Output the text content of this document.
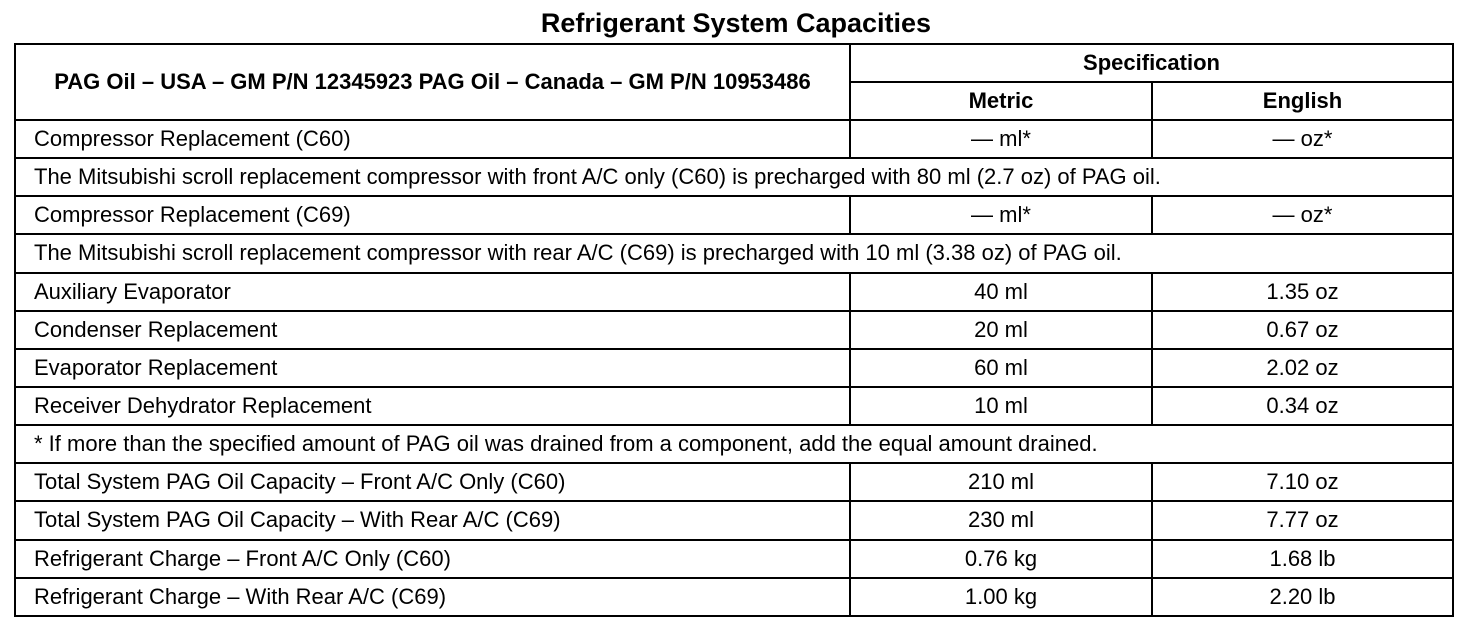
Refrigerant System Capacities
PAG Oil – USA – GM P/N 12345923 PAG Oil – Canada – GM P/N 10953486	Specification	
	Metric	English
Compressor Replacement (C60)	— ml*	— oz*
The Mitsubishi scroll replacement compressor with front A/C only (C60) is precharged with 80 ml (2.7 oz) of PAG oil.		
Compressor Replacement (C69)	— ml*	— oz*
The Mitsubishi scroll replacement compressor with rear A/C (C69) is precharged with 10 ml (3.38 oz) of PAG oil.		
Auxiliary Evaporator	40 ml	1.35 oz
Condenser Replacement	20 ml	0.67 oz
Evaporator Replacement	60 ml	2.02 oz
Receiver Dehydrator Replacement	10 ml	0.34 oz
* If more than the specified amount of PAG oil was drained from a component, add the equal amount drained.		
Total System PAG Oil Capacity – Front A/C Only (C60)	210 ml	7.10 oz
Total System PAG Oil Capacity – With Rear A/C (C69)	230 ml	7.77 oz
Refrigerant Charge – Front A/C Only (C60)	0.76 kg	1.68 lb
Refrigerant Charge – With Rear A/C (C69)	1.00 kg	2.20 lb
